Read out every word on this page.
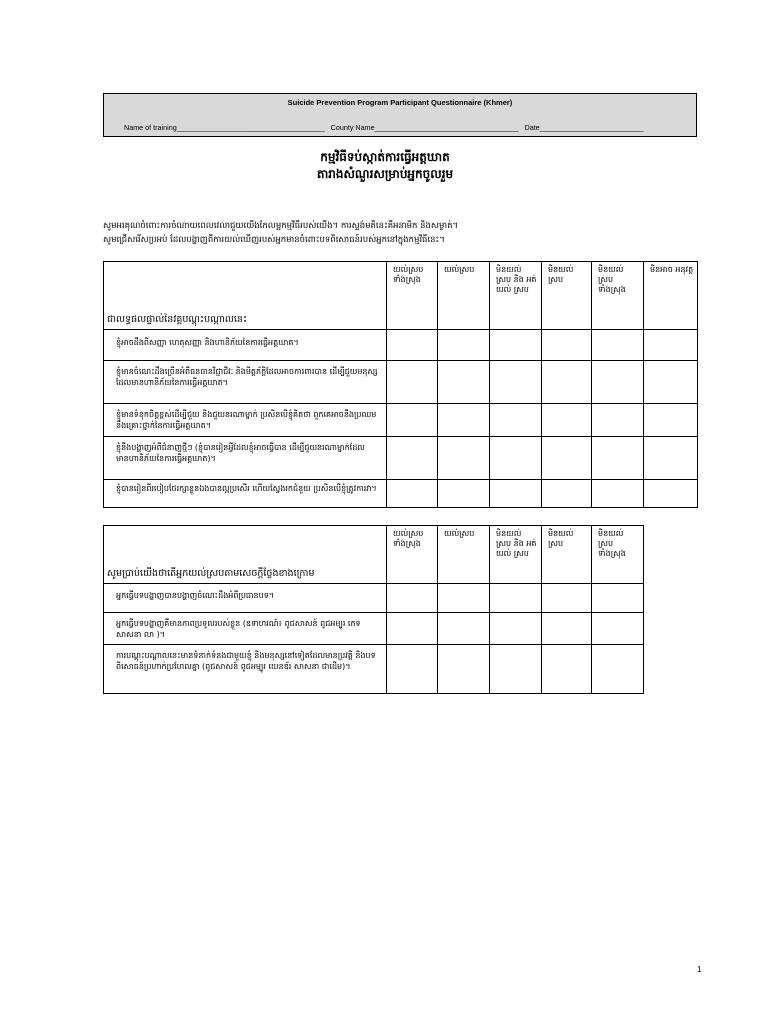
Suicide Prevention Program Participant Questionnaire (Khmer)
Name of training_____________________________________ County Name____________________________________ Date__________________________
កម្មវិធីទប់ស្កាត់ការធ្វើអត្តឃាត
តារាងសំណួរសម្រាប់អ្នកចូលរួម
សូមអរគុណចំពោះការចំណាយពេលវេលាជួយយើងកែលម្អកម្មវិធីរបស់យើង។ ការស្ទង់មតិនេះគឺអនាមិក និងសម្ងាត់។
សូមជ្រើសរើសប្រអប់ ដែលបង្ហាញពីការយល់ឃើញរបស់អ្នកមានចំពោះបទពិសោធន៍របស់អ្នកនៅក្នុងកម្មវិធីនេះ។
ជាលទ្ធផលផ្ទាល់នៃវគ្គបណ្តុះបណ្តាលនេះ	យល់ស្រប ទាំងស្រុង	យល់ស្រប	មិនយល់ ស្រប និង អត់យល់ ស្រប	មិនយល់ ស្រប	មិនយល់ ស្រប ទាំងស្រុង	មិនអាច អនុវត្ត

ខ្ញុំអាចដឹងពីសញ្ញា ហេតុសញ្ញា និងហានិភ័យនៃការធ្វើអត្តឃាត។						

ខ្ញុំមានចំណេះដឹងច្រើនអំពីធនធានវិជ្ជាជីវៈ និងមិត្តភ័ក្តិដែលអាចការពារបាន ដើម្បីជួយមនុស្សដែលមានហានិភ័យនៃការធ្វើអត្តឃាត។						

ខ្ញុំមានទំនុកចិត្តខ្ពស់ដើម្បីជួយ និងជួយនរណាម្នាក់ ប្រសិនបើខ្ញុំគិតថា ពួកគេអាចនឹងប្រឈមនឹងគ្រោះថ្នាក់នៃការធ្វើអត្តឃាត។						

ខ្ញុំនឹងបង្ហាញអំពីជំនាញថ្មីៗ (ខ្ញុំបានរៀនអ្វីដែលខ្ញុំអាចធ្វើបាន ដើម្បីជួយនរណាម្នាក់ដែលមានហានិភ័យនៃការធ្វើអត្តឃាត)។						

ខ្ញុំបានរៀនពីរបៀបថែរក្សាខ្លួនឯងបានល្អប្រសើរ ហើយស្វែងរកជំនួយ ប្រសិនបើខ្ញុំត្រូវការវា។						

សូមប្រាប់យើងថាតើអ្នកយល់ស្របតាមសេចក្តីថ្លែងខាងក្រោម	យល់ស្រប ទាំងស្រុង	យល់ស្រប	មិនយល់ ស្រប និង អត់យល់ ស្រប	មិនយល់ ស្រប	មិនយល់ ស្រប ទាំងស្រុង

អ្នកធ្វើបទបង្ហាញបានបង្ហាញចំណេះដឹងអំពីប្រធានបទ។					

អ្នកធ្វើបទបង្ហាញគឺមានភាពប្រទូលរបស់ខ្លួន (ឧទាហរណ៍៖ ពូជសាសន៍ ពូជអម្បូរ ភេទ សាសនា លា )។					

ការបណ្តុះបណ្តាលនេះមានទំនាក់ទំនងជាមួយខ្ញុំ និងមនុស្សនៅទៀតដែលមានប្រវត្តិ និងបទពិសោធន៍ប្រហាក់ប្រហែលគ្នា (ពូជសាសន៍ ពូជអម្បូរ យេនឌ័រ សាសនា ជាដើម)។					

1
